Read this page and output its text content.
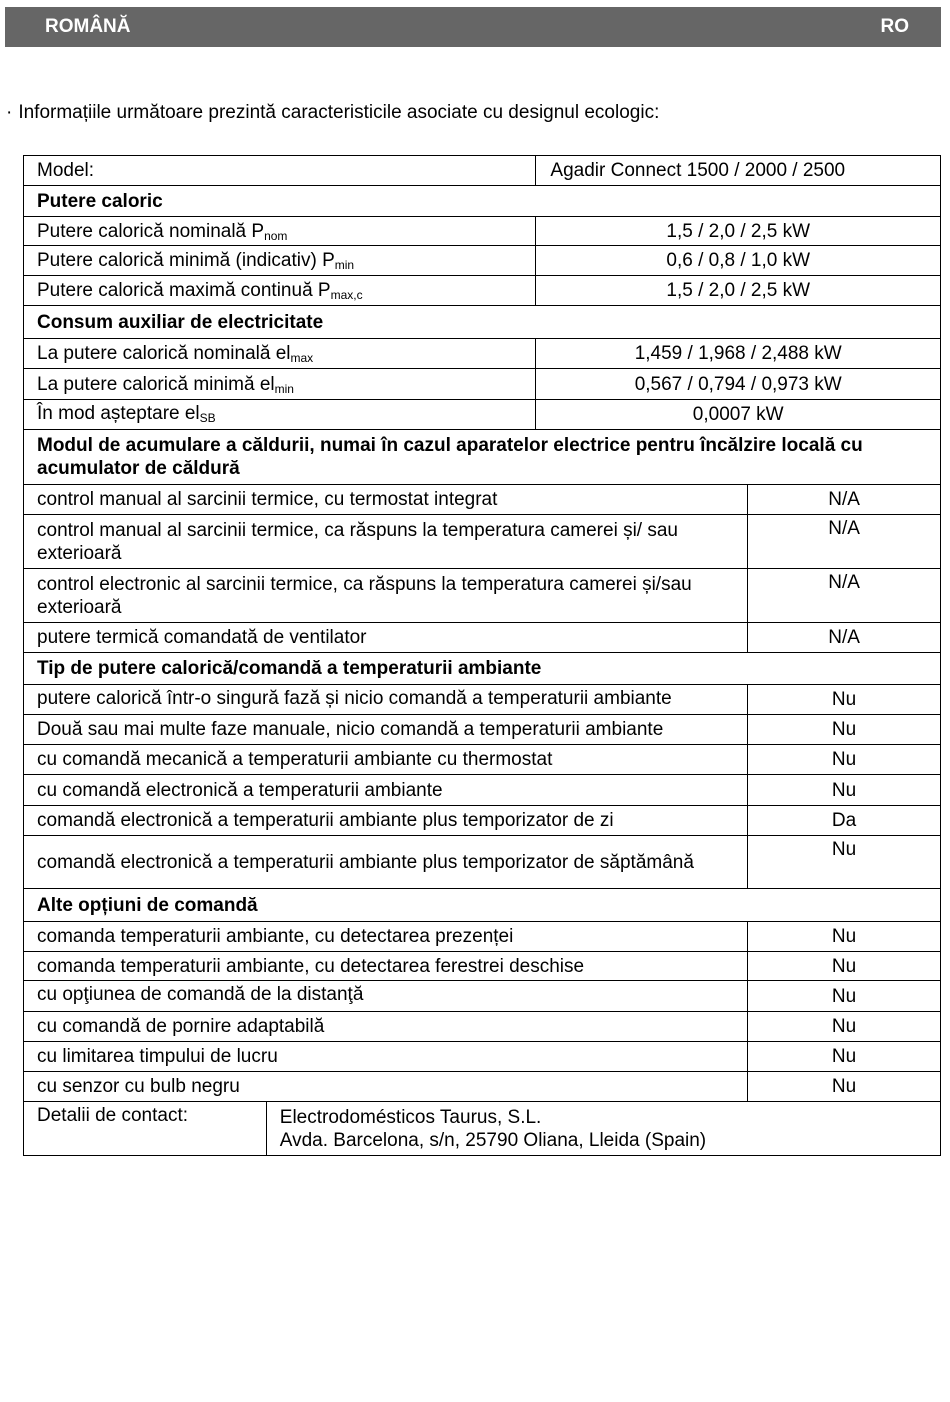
ROMÂNĂ	RO
· Informațiile următoare prezintă caracteristicile asociate cu designul ecologic:
Model:		Agadir Connect 1500 / 2000 / 2500	
Putere caloric			
Putere calorică nominală $P_{nom}$		1,5 / 2,0 / 2,5 kW	
Putere calorică minimă (indicativ) $P_{min}$		0,6 / 0,8 / 1,0 kW	
Putere calorică maximă continuă $P_{max,c}$		1,5 / 2,0 / 2,5 kW	
Consum auxiliar de electricitate			
La putere calorică nominală $el_{max}$		1,459 / 1,968 / 2,488 kW	
La putere calorică minimă $el_{min}$		0,567 / 0,794 / 0,973 kW	
În mod așteptare $el_{SB}$		0,0007 kW	
Modul de acumulare a căldurii, numai în cazul aparatelor electrice pentru încălzire locală cu acumulator de căldură			
control manual al sarcinii termice, cu termostat integrat			N/A
control manual al sarcinii termice, ca răspuns la temperatura camerei și/ sau exterioară			N/A
control electronic al sarcinii termice, ca răspuns la temperatura camerei și/sau exterioară			N/A
putere termică comandată de ventilator			N/A
Tip de putere calorică/comandă a temperaturii ambiante			
putere calorică într-o singură fază și nicio comandă a temperaturii ambiante			Nu
Două sau mai multe faze manuale, nicio comandă a temperaturii ambiante			Nu
cu comandă mecanică a temperaturii ambiante cu thermostat			Nu
cu comandă electronică a temperaturii ambiante			Nu
comandă electronică a temperaturii ambiante plus temporizator de zi			Da
comandă electronică a temperaturii ambiante plus temporizator de săptămână			Nu
Alte opțiuni de comandă			
comanda temperaturii ambiante, cu detectarea prezenței			Nu
comanda temperaturii ambiante, cu detectarea ferestrei deschise			Nu
cu opţiunea de comandă de la distanţă			Nu
cu comandă de pornire adaptabilă			Nu
cu limitarea timpului de lucru			Nu
cu senzor cu bulb negru			Nu
Detalii de contact:	Electrodomésticos Taurus, S.L.
Avda. Barcelona, s/n, 25790 Oliana, Lleida (Spain)		
